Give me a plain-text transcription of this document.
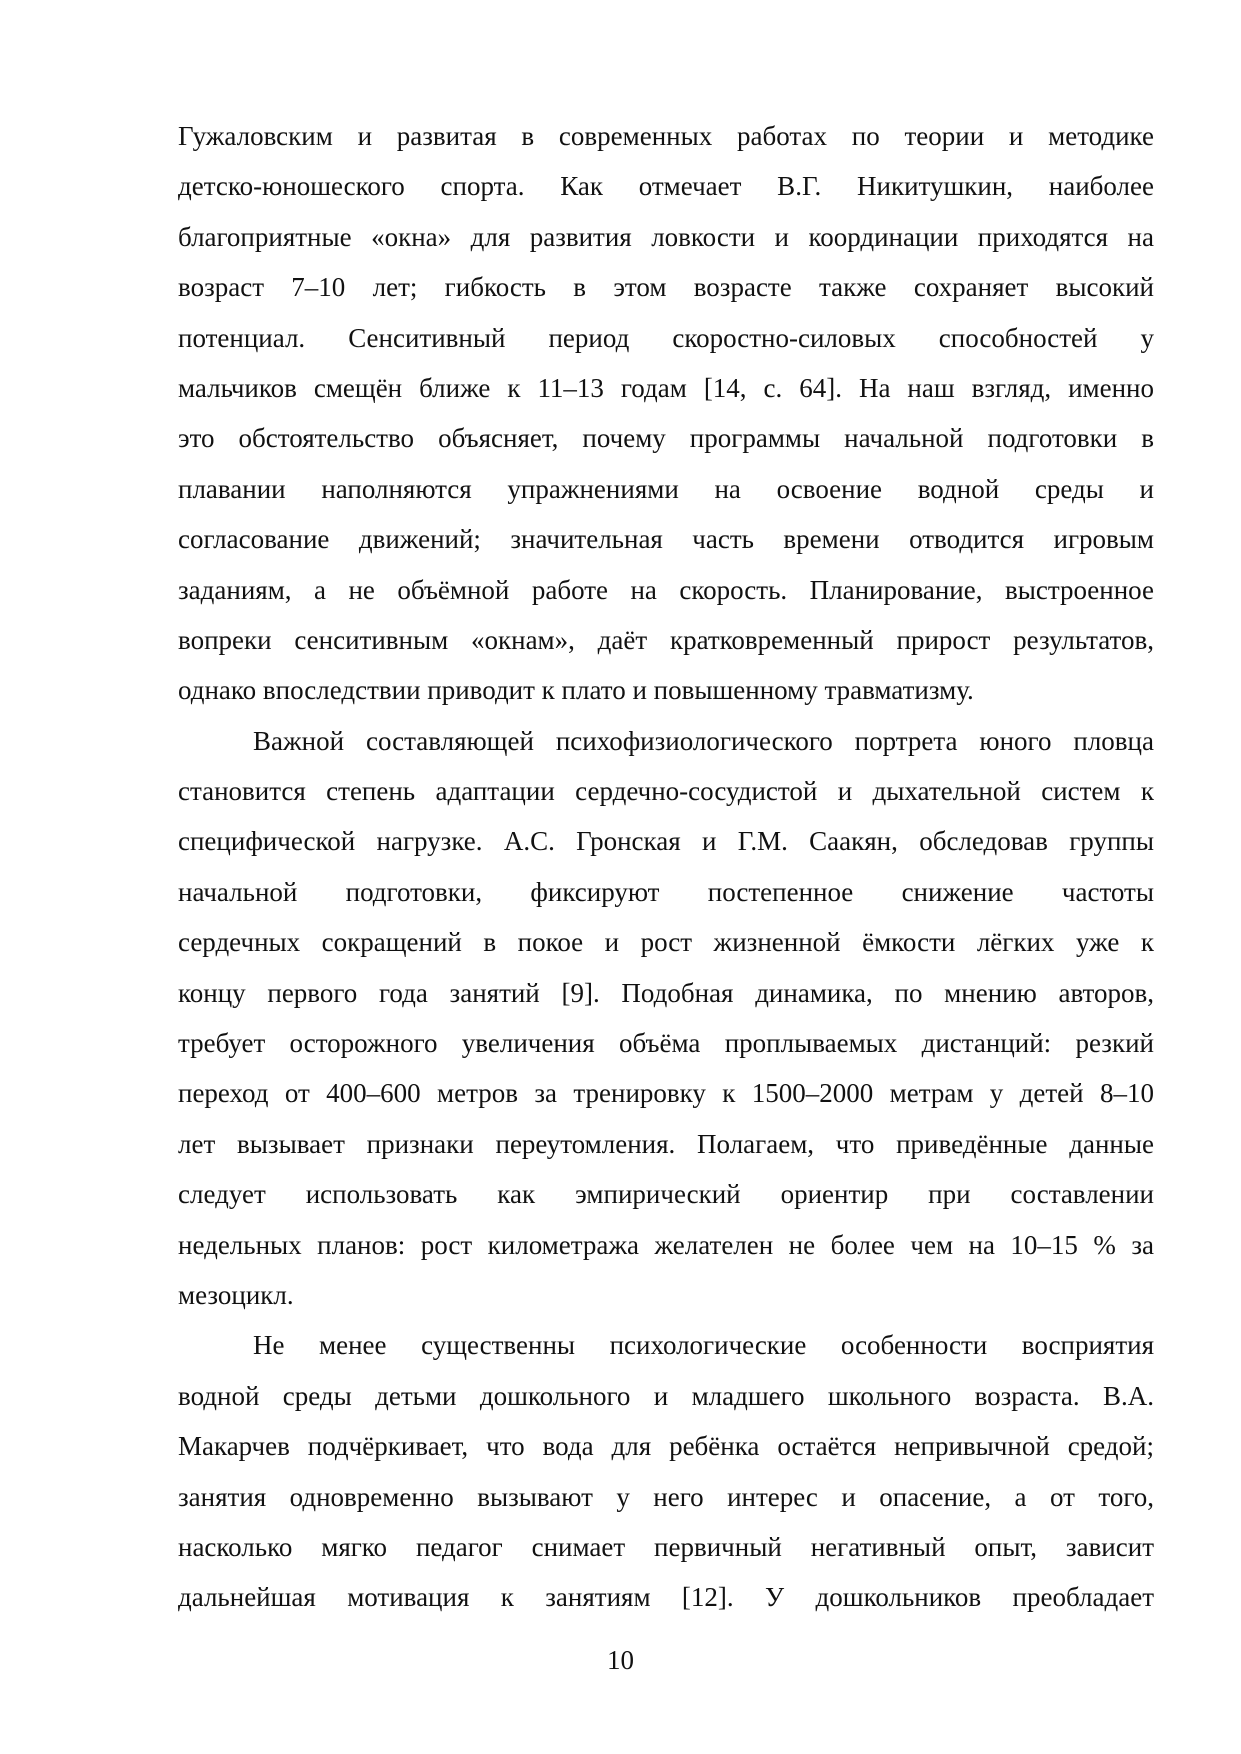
Гужаловским и развитая в современных работах по теории и методике
детско-юношеского спорта. Как отмечает В.Г. Никитушкин, наиболее
благоприятные «окна» для развития ловкости и координации приходятся на
возраст 7–10 лет; гибкость в этом возрасте также сохраняет высокий
потенциал. Сенситивный период скоростно-силовых способностей у
мальчиков смещён ближе к 11–13 годам [14, с. 64]. На наш взгляд, именно
это обстоятельство объясняет, почему программы начальной подготовки в
плавании наполняются упражнениями на освоение водной среды и
согласование движений; значительная часть времени отводится игровым
заданиям, а не объёмной работе на скорость. Планирование, выстроенное
вопреки сенситивным «окнам», даёт кратковременный прирост результатов,
однако впоследствии приводит к плато и повышенному травматизму.
Важной составляющей психофизиологического портрета юного пловца
становится степень адаптации сердечно-сосудистой и дыхательной систем к
специфической нагрузке. А.С. Гронская и Г.М. Саакян, обследовав группы
начальной подготовки, фиксируют постепенное снижение частоты
сердечных сокращений в покое и рост жизненной ёмкости лёгких уже к
концу первого года занятий [9]. Подобная динамика, по мнению авторов,
требует осторожного увеличения объёма проплываемых дистанций: резкий
переход от 400–600 метров за тренировку к 1500–2000 метрам у детей 8–10
лет вызывает признаки переутомления. Полагаем, что приведённые данные
следует использовать как эмпирический ориентир при составлении
недельных планов: рост километража желателен не более чем на 10–15 % за
мезоцикл.
Не менее существенны психологические особенности восприятия
водной среды детьми дошкольного и младшего школьного возраста. В.А.
Макарчев подчёркивает, что вода для ребёнка остаётся непривычной средой;
занятия одновременно вызывают у него интерес и опасение, а от того,
насколько мягко педагог снимает первичный негативный опыт, зависит
дальнейшая мотивация к занятиям [12]. У дошкольников преобладает
10
